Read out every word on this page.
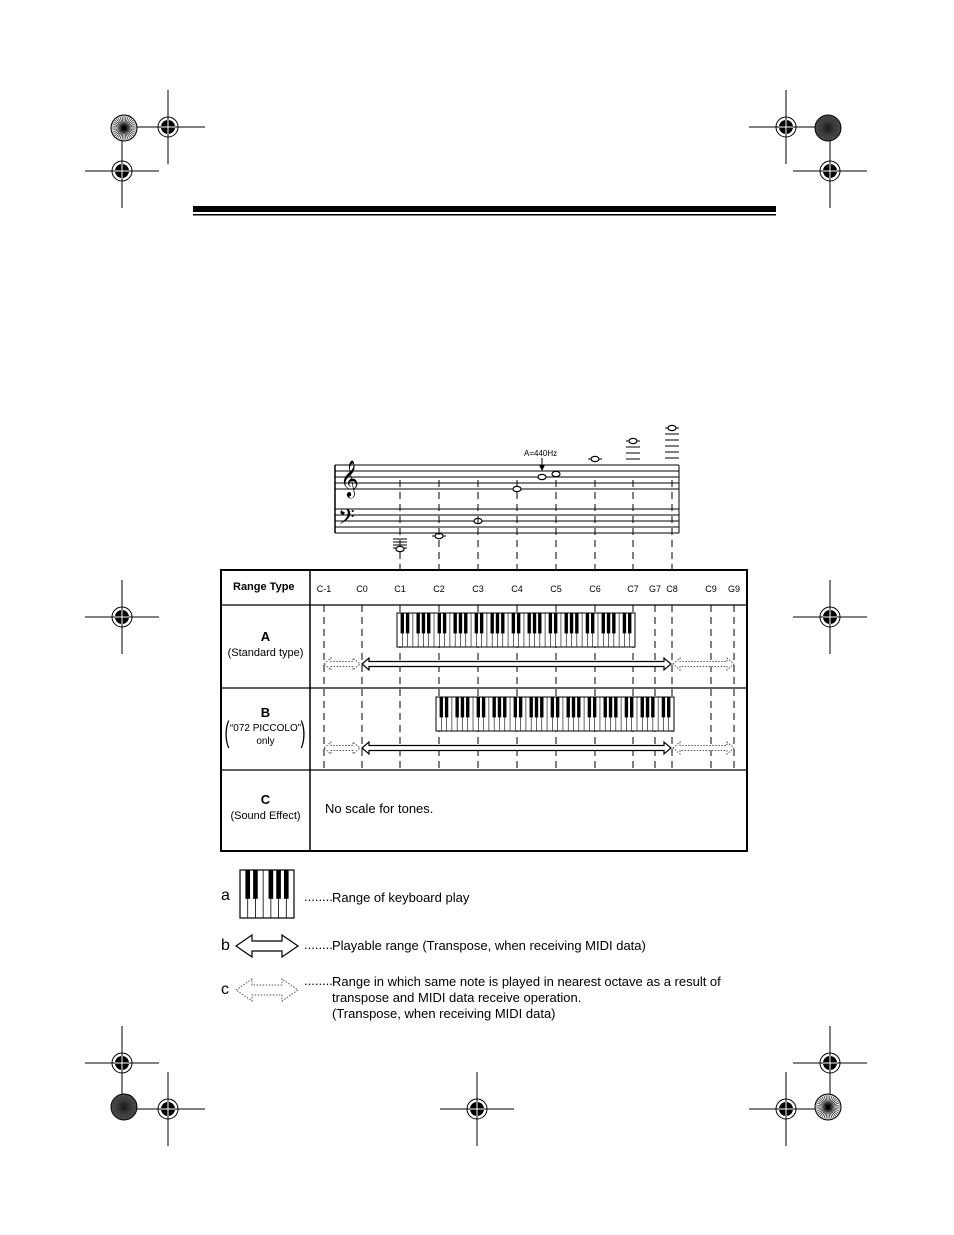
𝄞
𝄢
A=440Hz
Range Type	C-1	C0	C1	C2	C3	C4	C5	C6	C7	G7 C8	C9	G9
A
(Standard type)
B
“072 PICCOLO”
only
( )
C
(Sound Effect)	No scale for tones.
a	........ Range of keyboard play
b	........ Playable range (Transpose, when receiving MIDI data)
c
........ Range in which same note is played in nearest octave as a result of
transpose and MIDI data receive operation.
(Transpose, when receiving MIDI data)
